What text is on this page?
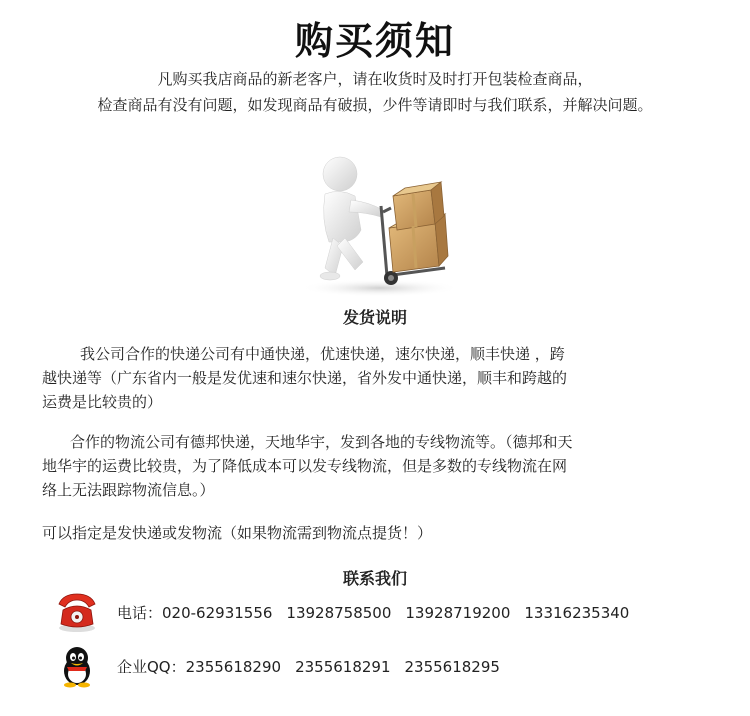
购买须知
凡购买我店商品的新老客户，请在收货时及时打开包装检查商品，
检查商品有没有问题，如发现商品有破损，少件等请即时与我们联系，并解决问题。
发货说明
我公司合作的快递公司有中通快递，优速快递，速尔快递，顺丰快递 ，跨
越快递等（广东省内一般是发优速和速尔快递，省外发中通快递，顺丰和跨越的
运费是比较贵的）
合作的物流公司有德邦快递，天地华宇，发到各地的专线物流等。（德邦和天
地华宇的运费比较贵，为了降低成本可以发专线物流，但是多数的专线物流在网
络上无法跟踪物流信息。）
可以指定是发快递或发物流（如果物流需到物流点提货！）
联系我们
电话：020-62931556 13928758500 13928719200 13316235340
企业QQ：2355618290 2355618291 2355618295
